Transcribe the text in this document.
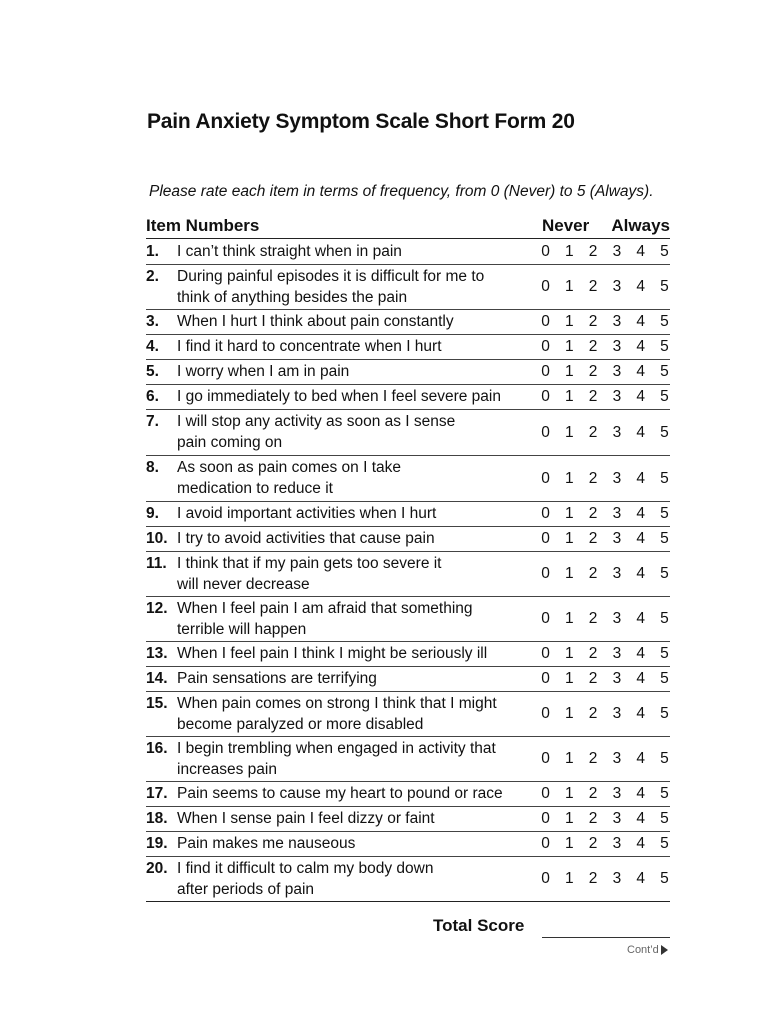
Pain Anxiety Symptom Scale Short Form 20

Please rate each item in terms of frequency, from 0 (Never) to 5 (Always).

Item Numbers	Never Always
1. I can’t think straight when in pain	0 1 2 3 4 5
2. During painful episodes it is difficult for me to
think of anything besides the pain
0 1 2 3 4 5
3. When I hurt I think about pain constantly	0 1 2 3 4 5
4. I find it hard to concentrate when I hurt	0 1 2 3 4 5
5. I worry when I am in pain	0 1 2 3 4 5
6. I go immediately to bed when I feel severe pain	0 1 2 3 4 5
7. I will stop any activity as soon as I sense
pain coming on
0 1 2 3 4 5
8. As soon as pain comes on I take
medication to reduce it
0 1 2 3 4 5
9. I avoid important activities when I hurt	0 1 2 3 4 5
10. I try to avoid activities that cause pain	0 1 2 3 4 5
11. I think that if my pain gets too severe it
will never decrease
0 1 2 3 4 5
12. When I feel pain I am afraid that something
terrible will happen
0 1 2 3 4 5
13. When I feel pain I think I might be seriously ill	0 1 2 3 4 5
14. Pain sensations are terrifying	0 1 2 3 4 5
15. When pain comes on strong I think that I might
become paralyzed or more disabled
0 1 2 3 4 5
16. I begin trembling when engaged in activity that
increases pain
0 1 2 3 4 5
17. Pain seems to cause my heart to pound or race	0 1 2 3 4 5
18. When I sense pain I feel dizzy or faint	0 1 2 3 4 5
19. Pain makes me nauseous	0 1 2 3 4 5
20. I find it difficult to calm my body down
after periods of pain
0 1 2 3 4 5
Total Score
Cont’d
